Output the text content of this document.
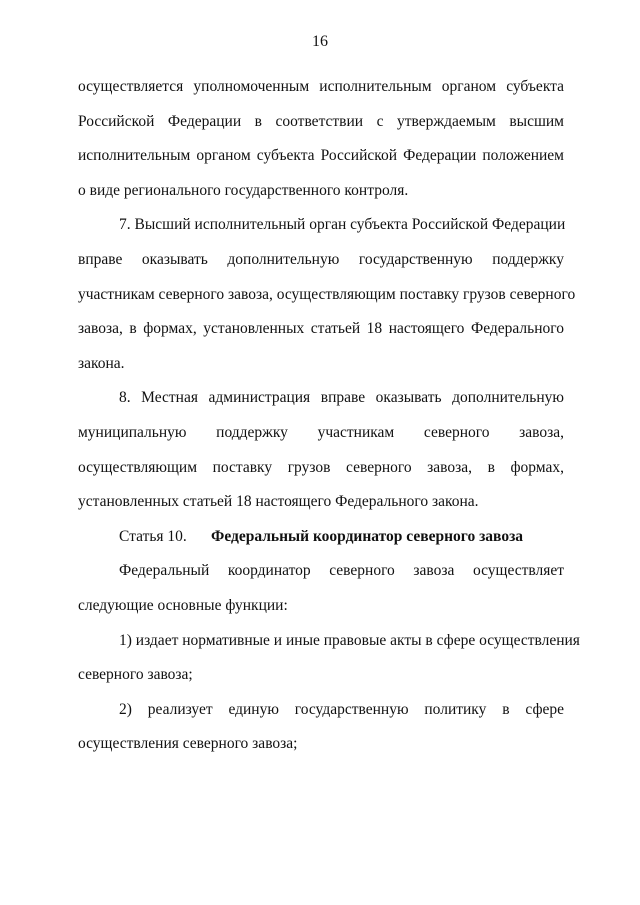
16
осуществляется уполномоченным исполнительным органом субъекта
Российской Федерации в соответствии с утверждаемым высшим
исполнительным органом субъекта Российской Федерации положением
о виде регионального государственного контроля.
7. Высший исполнительный орган субъекта Российской Федерации
вправе оказывать дополнительную государственную поддержку
участникам северного завоза, осуществляющим поставку грузов северного
завоза, в формах, установленных статьей 18 настоящего Федерального
закона.
8. Местная администрация вправе оказывать дополнительную
муниципальную поддержку участникам северного завоза,
осуществляющим поставку грузов северного завоза, в формах,
установленных статьей 18 настоящего Федерального закона.
Статья 10. Федеральный координатор северного завоза
Федеральный координатор северного завоза осуществляет
следующие основные функции:
1) издает нормативные и иные правовые акты в сфере осуществления
северного завоза;
2) реализует единую государственную политику в сфере
осуществления северного завоза;
